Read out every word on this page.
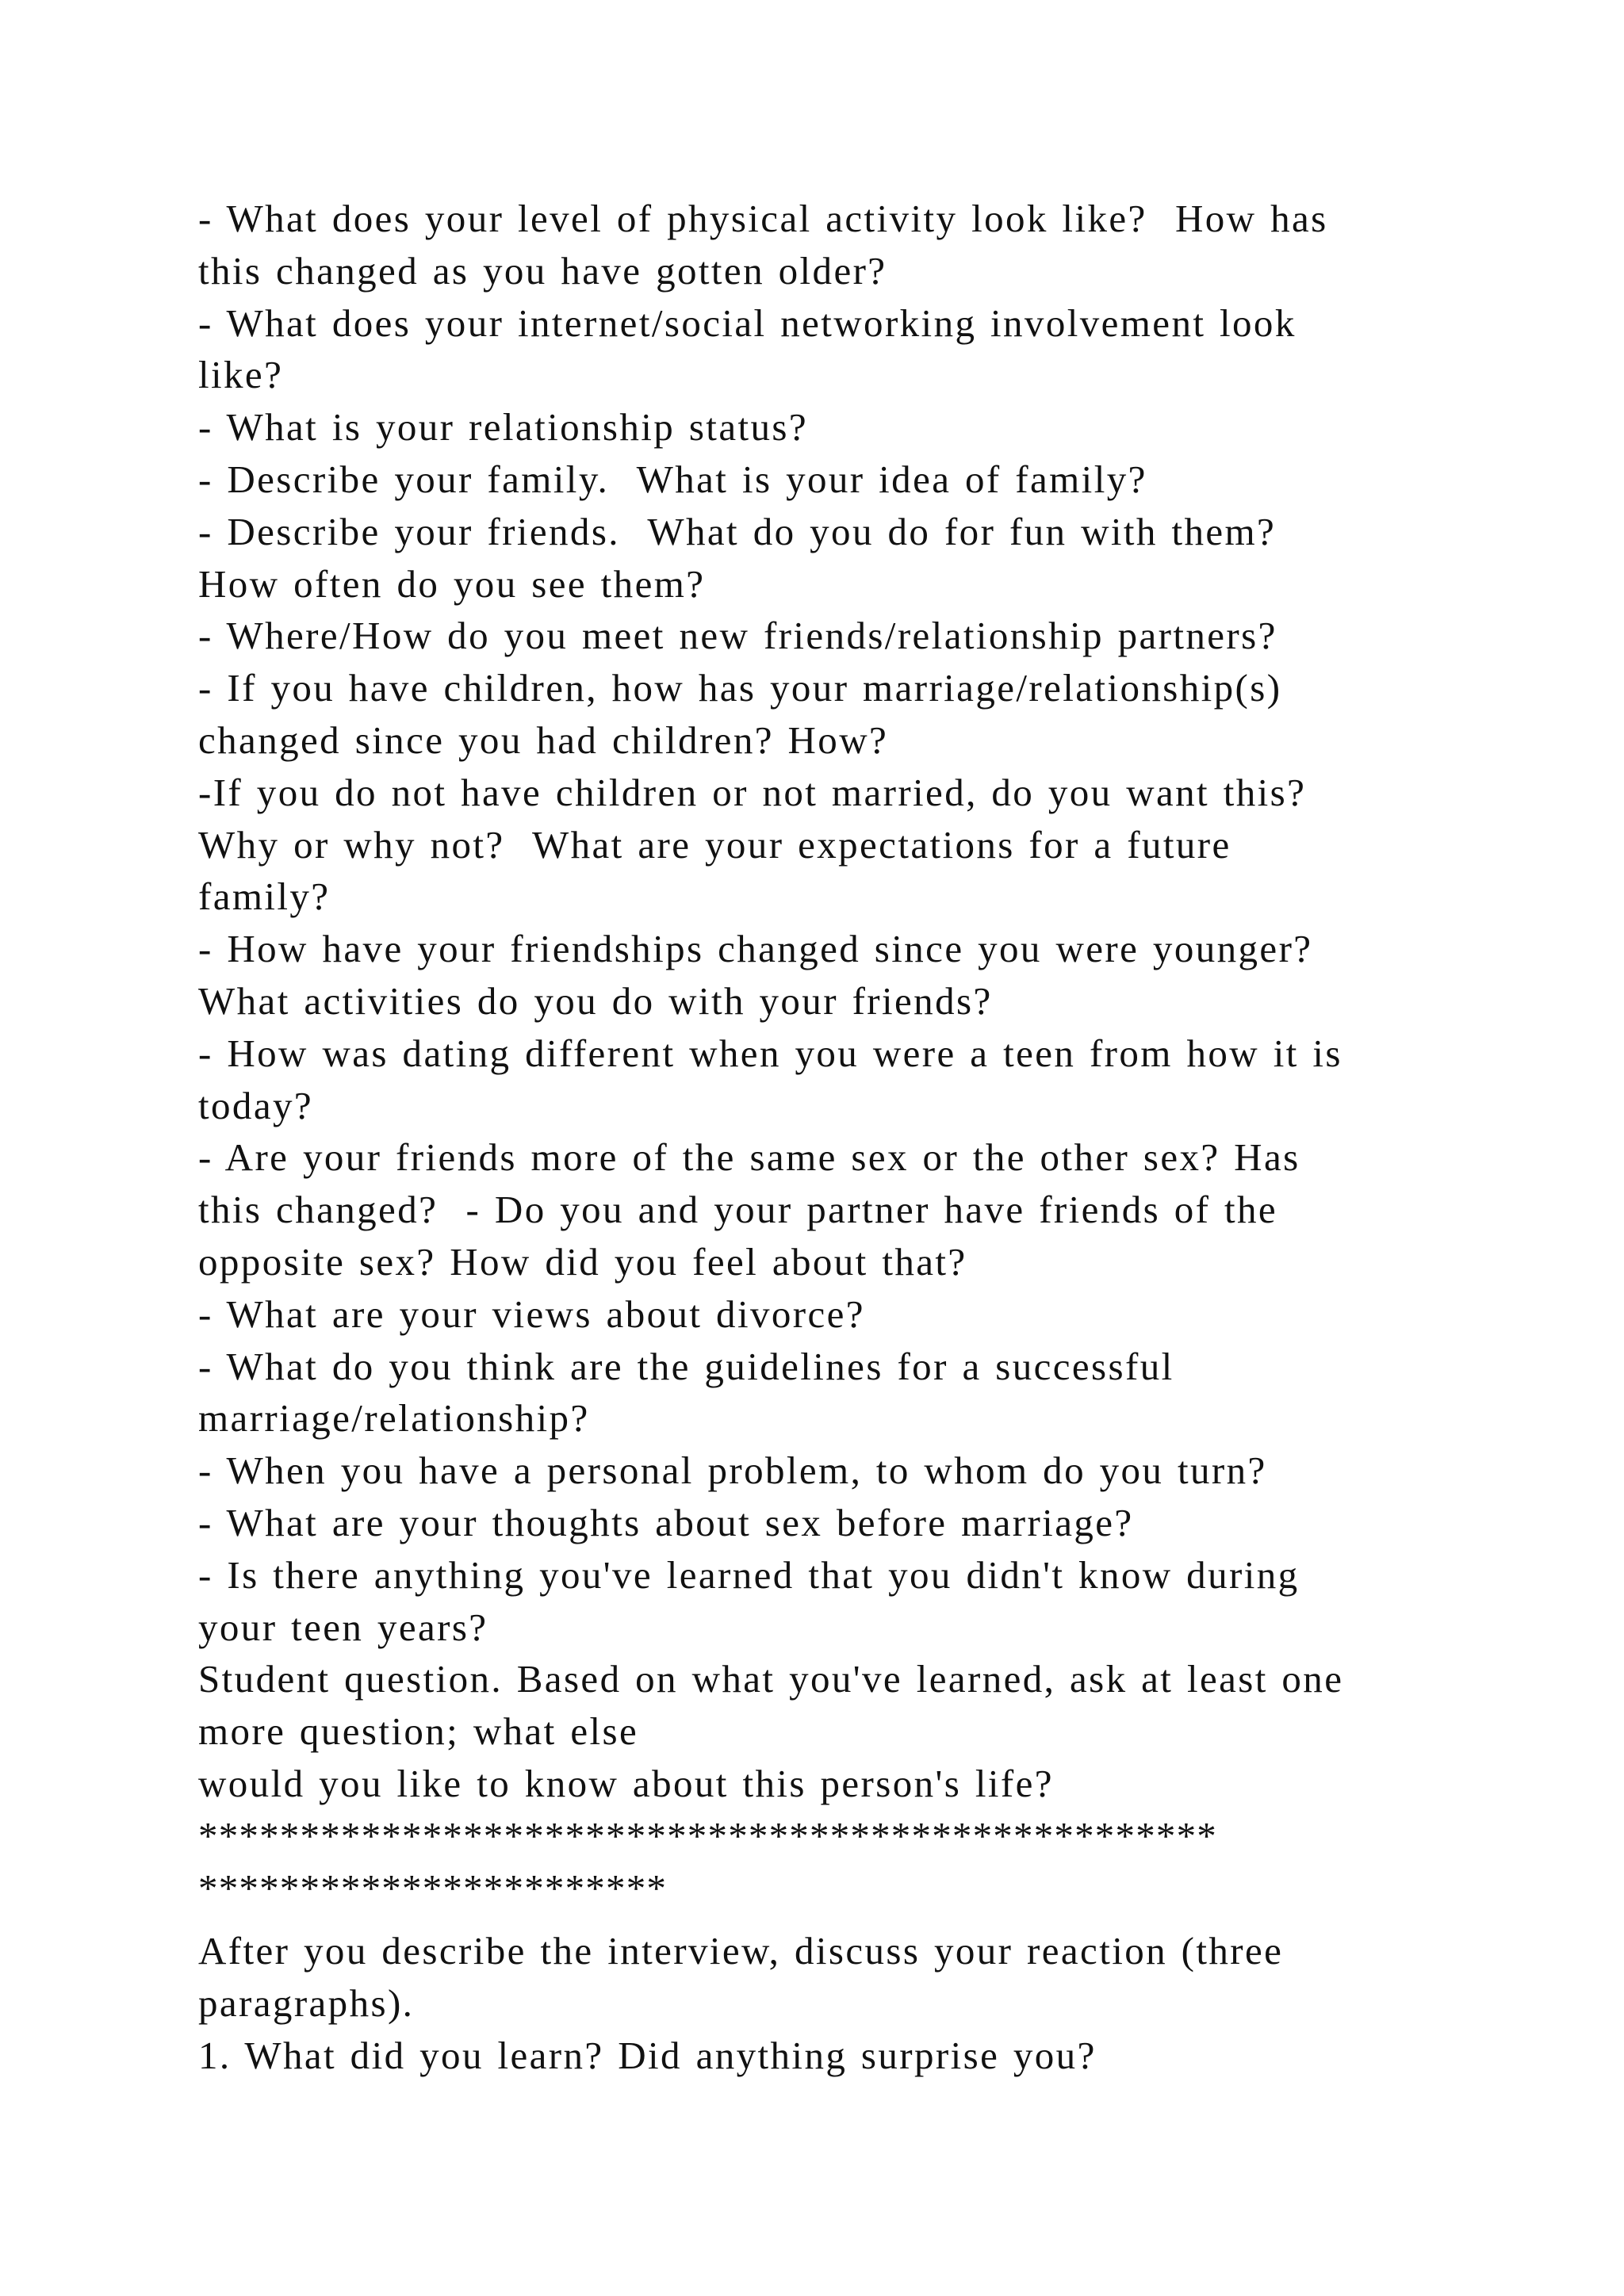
- What does your level of physical activity look like?  How has
this changed as you have gotten older?
- What does your internet/social networking involvement look
like?
- What is your relationship status?
- Describe your family.  What is your idea of family?
- Describe your friends.  What do you do for fun with them?
How often do you see them?
- Where/How do you meet new friends/relationship partners?
- If you have children, how has your marriage/relationship(s)
changed since you had children? How?
-If you do not have children or not married, do you want this?
Why or why not?  What are your expectations for a future
family?
- How have your friendships changed since you were younger?
What activities do you do with your friends?
- How was dating different when you were a teen from how it is
today?
- Are your friends more of the same sex or the other sex? Has
this changed?  - Do you and your partner have friends of the
opposite sex? How did you feel about that?
- What are your views about divorce?
- What do you think are the guidelines for a successful
marriage/relationship?
- When you have a personal problem, to whom do you turn?
- What are your thoughts about sex before marriage?
- Is there anything you've learned that you didn't know during
your teen years?
Student question. Based on what you've learned, ask at least one
more question; what else
would you like to know about this person's life?
**************************************************
***********************
After you describe the interview, discuss your reaction (three
paragraphs).
1. What did you learn? Did anything surprise you?
